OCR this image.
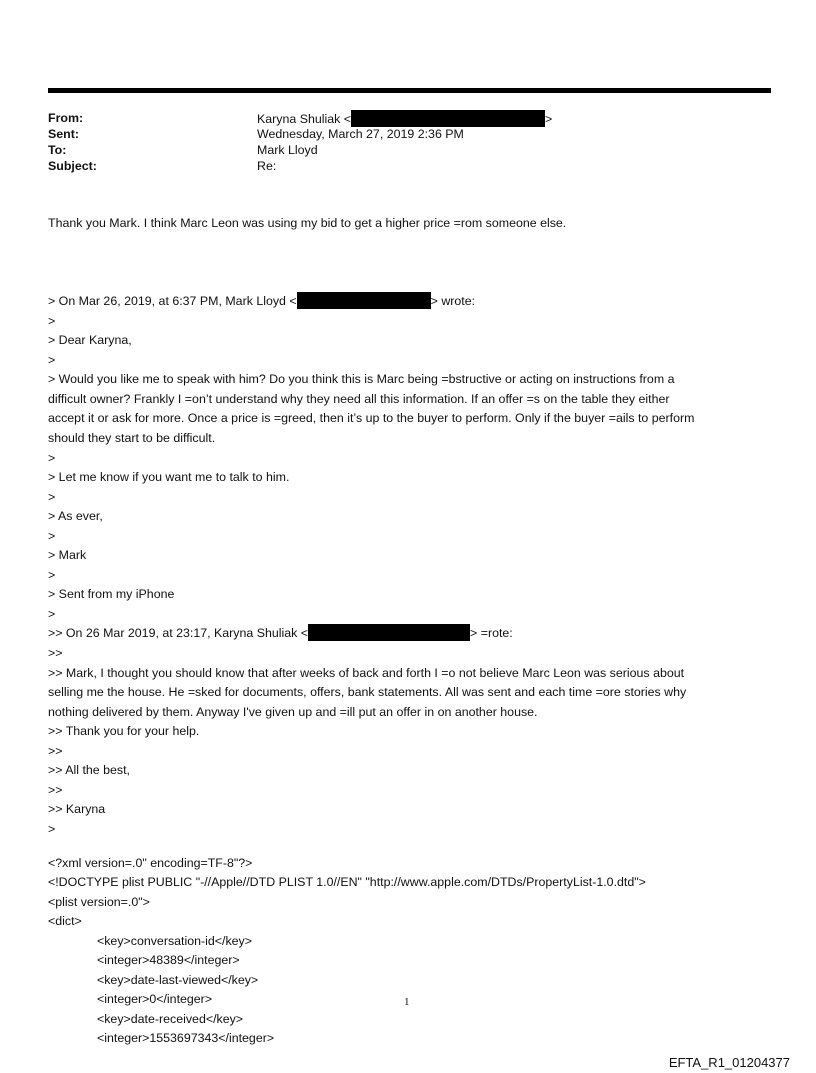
From:	Karyna Shuliak <	>
Sent:	Wednesday, March 27, 2019 2:36 PM
To:	Mark Lloyd
Subject:	Re:
Thank you Mark. I think Marc Leon was using my bid to get a higher price =rom someone else.
> On Mar 26, 2019, at 6:37 PM, Mark Lloyd <	> wrote:
>
> Dear Karyna,
>
> Would you like me to speak with him? Do you think this is Marc being =bstructive or acting on instructions from a
difficult owner? Frankly I =on’t understand why they need all this information. If an offer =s on the table they either
accept it or ask for more. Once a price is =greed, then it’s up to the buyer to perform. Only if the buyer =ails to perform
should they start to be difficult.
>
> Let me know if you want me to talk to him.
>
> As ever,
>
> Mark
>
> Sent from my iPhone
>
>> On 26 Mar 2019, at 23:17, Karyna Shuliak <	> =rote:
>>
>> Mark, I thought you should know that after weeks of back and forth I =o not believe Marc Leon was serious about
selling me the house. He =sked for documents, offers, bank statements. All was sent and each time =ore stories why
nothing delivered by them. Anyway I've given up and =ill put an offer in on another house.
>> Thank you for your help.
>>
>> All the best,
>>
>> Karyna
>
<?xml version=.0" encoding=TF-8"?>
<!DOCTYPE plist PUBLIC "-//Apple//DTD PLIST 1.0//EN" "http://www.apple.com/DTDs/PropertyList-1.0.dtd">
<plist version=.0">
<dict>
<key>conversation-id</key>
<integer>48389</integer>
<key>date-last-viewed</key>
<integer>0</integer>
<key>date-received</key>
<integer>1553697343</integer>
1
EFTA_R1_01204377
